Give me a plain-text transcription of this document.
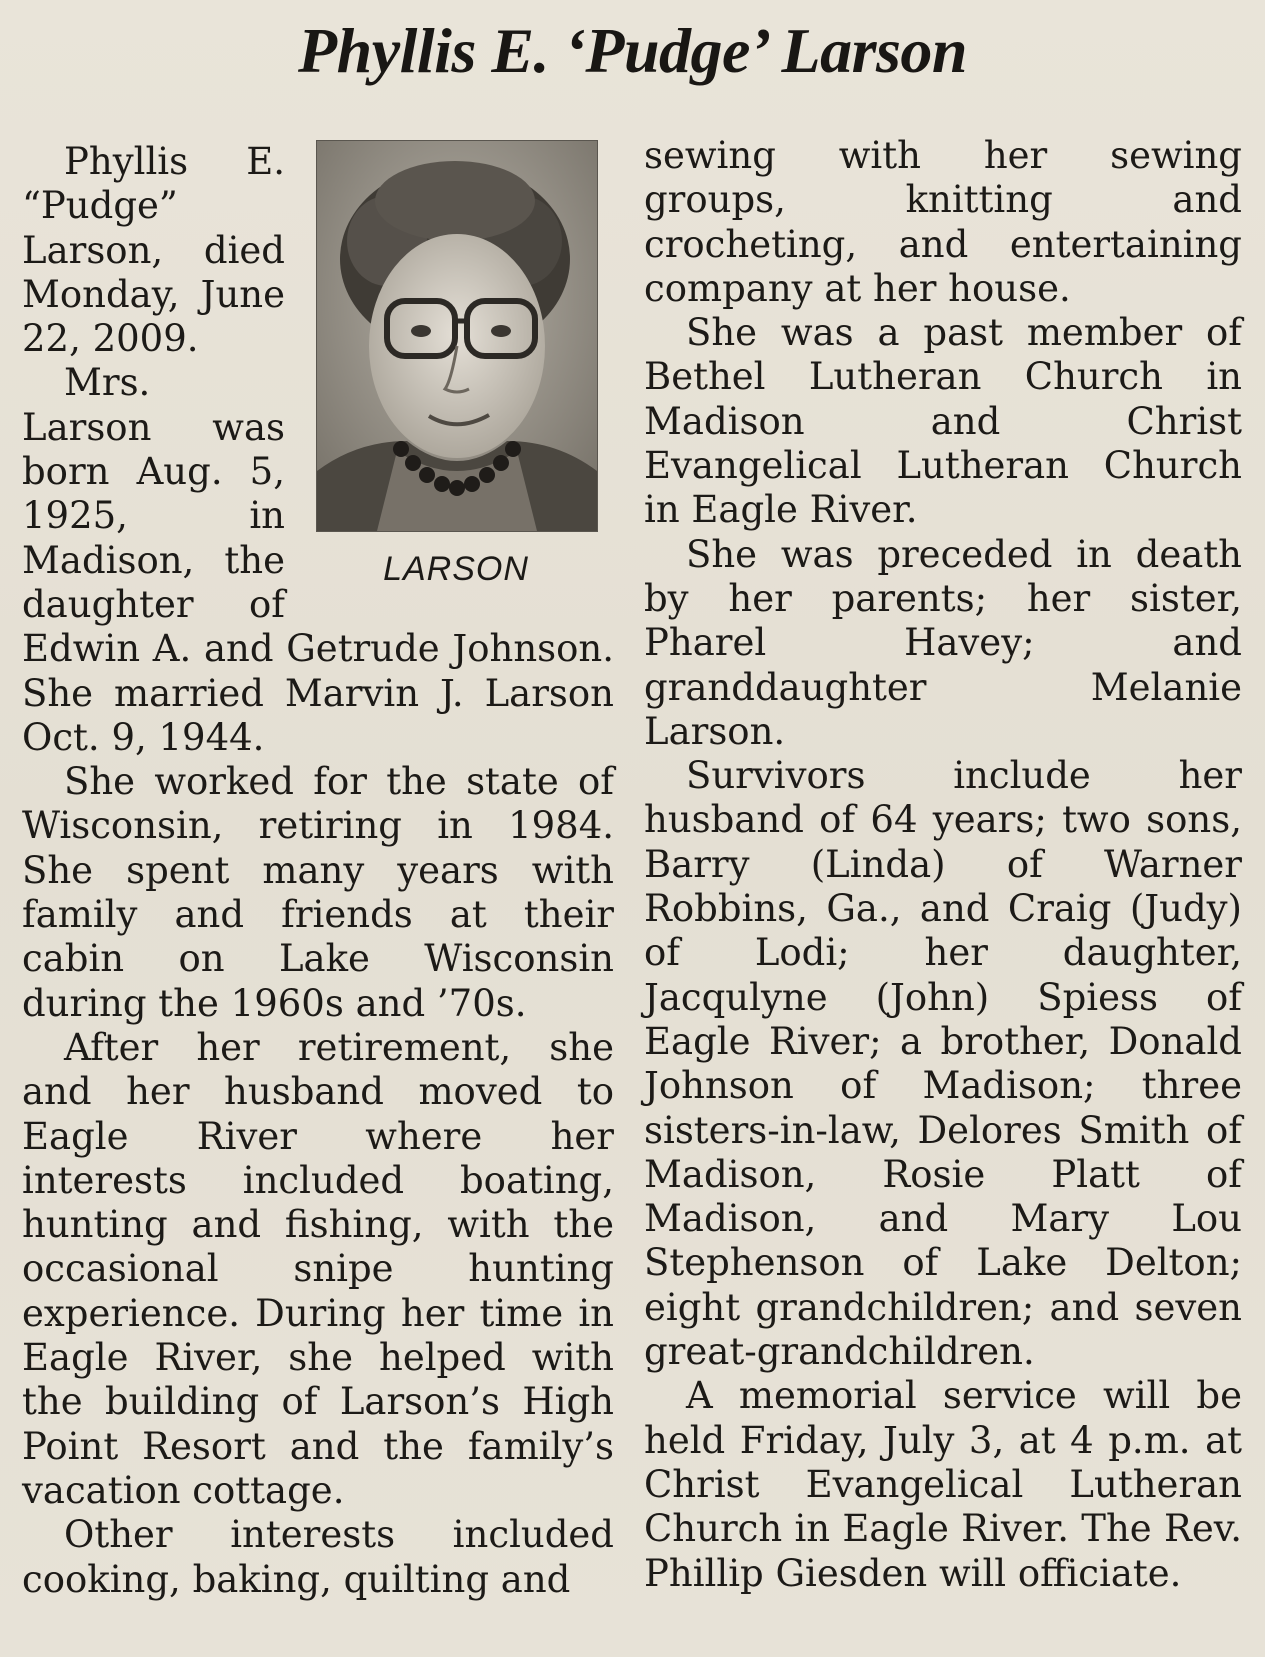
Phyllis E. ‘Pudge’ Larson
LARSON

Phyllis E. “Pudge” Larson, died Monday, June 22, 2009.

Mrs. Larson was born Aug. 5, 1925, in Madison, the daughter of Edwin A. and Getrude Johnson. She married Marvin J. Larson Oct. 9, 1944.

She worked for the state of Wisconsin, retiring in 1984. She spent many years with family and friends at their cabin on Lake Wisconsin during the 1960s and ’70s.

After her retirement, she and her husband moved to Eagle River where her interests included boating, hunting and fishing, with the occasional snipe hunting experience. During her time in Eagle River, she helped with the building of Larson’s High Point Resort and the family’s vacation cottage.

Other interests included cooking, baking, quilting and

sewing with her sewing groups, knitting and crocheting, and entertaining company at her house.

She was a past member of Bethel Lutheran Church in Madison and Christ Evangelical Lutheran Church in Eagle River.

She was preceded in death by her parents; her sister, Pharel Havey; and granddaughter Melanie Larson.

Survivors include her husband of 64 years; two sons, Barry (Linda) of Warner Robbins, Ga., and Craig (Judy) of Lodi; her daughter, Jacqulyne (John) Spiess of Eagle River; a brother, Donald Johnson of Madison; three sisters-in-law, Delores Smith of Madison, Rosie Platt of Madison, and Mary Lou Stephenson of Lake Delton; eight grandchildren; and seven great-grandchildren.

A memorial service will be held Friday, July 3, at 4 p.m. at Christ Evangelical Lutheran Church in Eagle River. The Rev. Phillip Giesden will officiate.
